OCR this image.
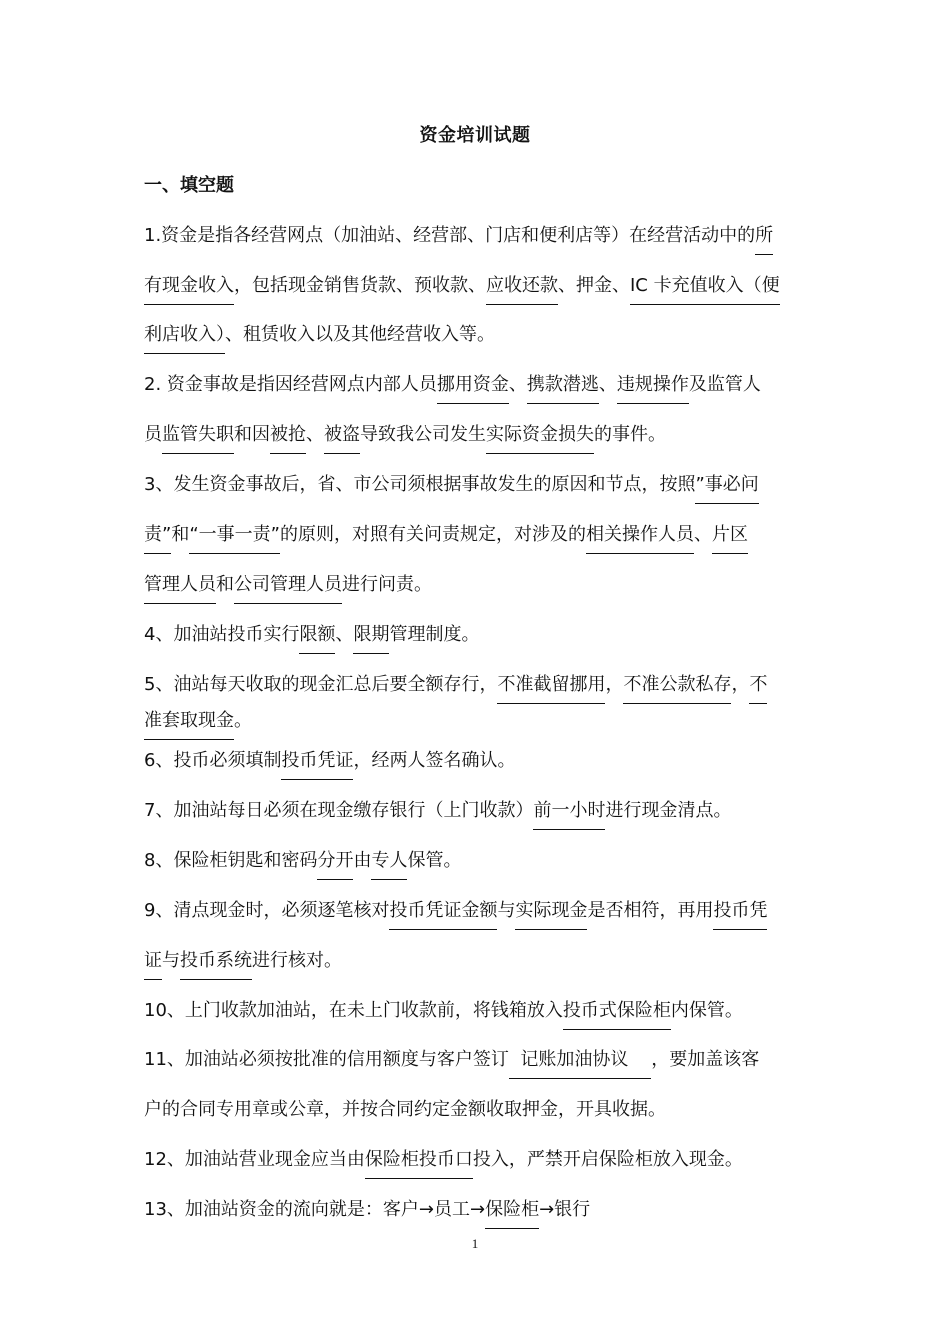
资金培训试题
一、填空题
1.资金是指各经营网点（加油站、经营部、门店和便利店等）在经营活动中的所
有现金收入，包括现金销售货款、预收款、应收还款、押金、IC 卡充值收入（便
利店收入）、租赁收入以及其他经营收入等。
2. 资金事故是指因经营网点内部人员挪用资金、携款潜逃、违规操作及监管人
员监管失职和因被抢、被盗导致我公司发生实际资金损失的事件。
3、发生资金事故后，省、市公司须根据事故发生的原因和节点，按照”事必问
责”和“一事一责”的原则，对照有关问责规定，对涉及的相关操作人员、片区
管理人员和公司管理人员进行问责。
4、加油站投币实行限额、限期管理制度。
5、油站每天收取的现金汇总后要全额存行，不准截留挪用，不准公款私存，不
准套取现金。
6、投币必须填制投币凭证，经两人签名确认。
7、加油站每日必须在现金缴存银行（上门收款）前一小时进行现金清点。
8、保险柜钥匙和密码分开由专人保管。
9、清点现金时，必须逐笔核对投币凭证金额与实际现金是否相符，再用投币凭
证与投币系统进行核对。
10、上门收款加油站，在未上门收款前，将钱箱放入投币式保险柜内保管。
11、加油站必须按批准的信用额度与客户签订  记账加油协议    ，要加盖该客
户的合同专用章或公章，并按合同约定金额收取押金，开具收据。
12、加油站营业现金应当由保险柜投币口投入，严禁开启保险柜放入现金。
13、加油站资金的流向就是：客户→员工→保险柜→银行
1
